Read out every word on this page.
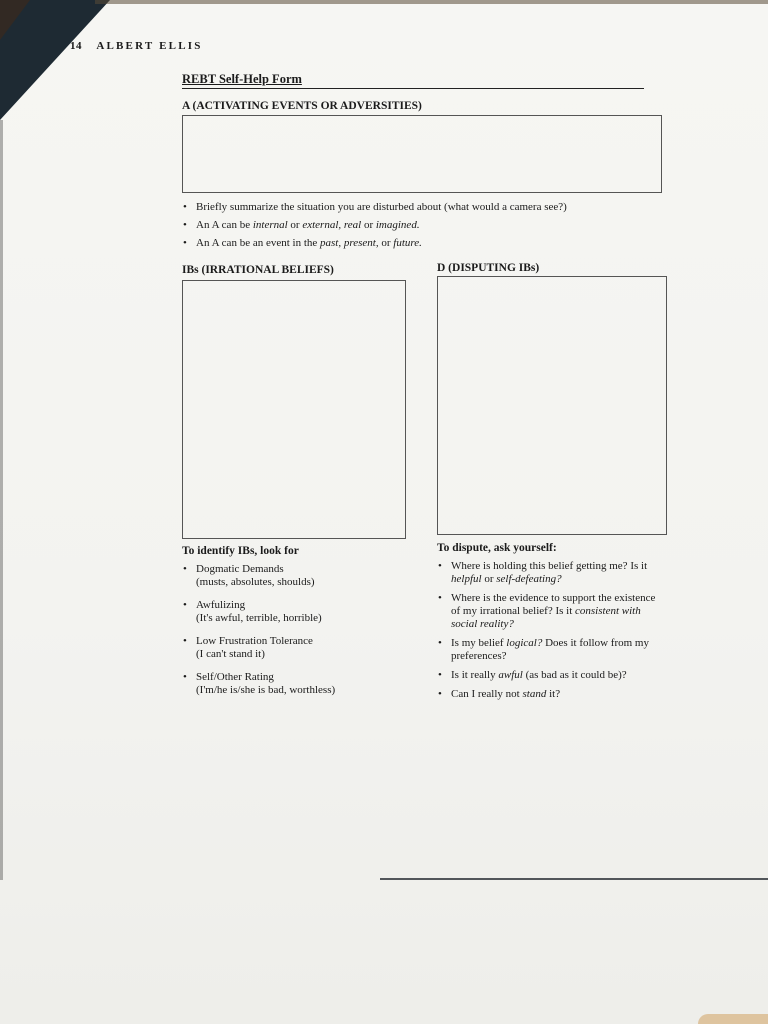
14 ALBERT ELLIS
REBT Self-Help Form
A (ACTIVATING EVENTS OR ADVERSITIES)
• Briefly summarize the situation you are disturbed about (what would a camera see?)
• An A can be internal or external, real or imagined.
• An A can be an event in the past, present, or future.
IBs (IRRATIONAL BELIEFS)
To identify IBs, look for
• Dogmatic Demands
(musts, absolutes, shoulds)
• Awfulizing
(It's awful, terrible, horrible)
• Low Frustration Tolerance
(I can't stand it)
• Self/Other Rating
(I'm/he is/she is bad, worthless)
D (DISPUTING IBs)
To dispute, ask yourself:
• Where is holding this belief getting me? Is it helpful or self-defeating?
• Where is the evidence to support the existence of my irrational belief? Is it consistent with social reality?
• Is my belief logical? Does it follow from my preferences?
• Is it really awful (as bad as it could be)?
• Can I really not stand it?
